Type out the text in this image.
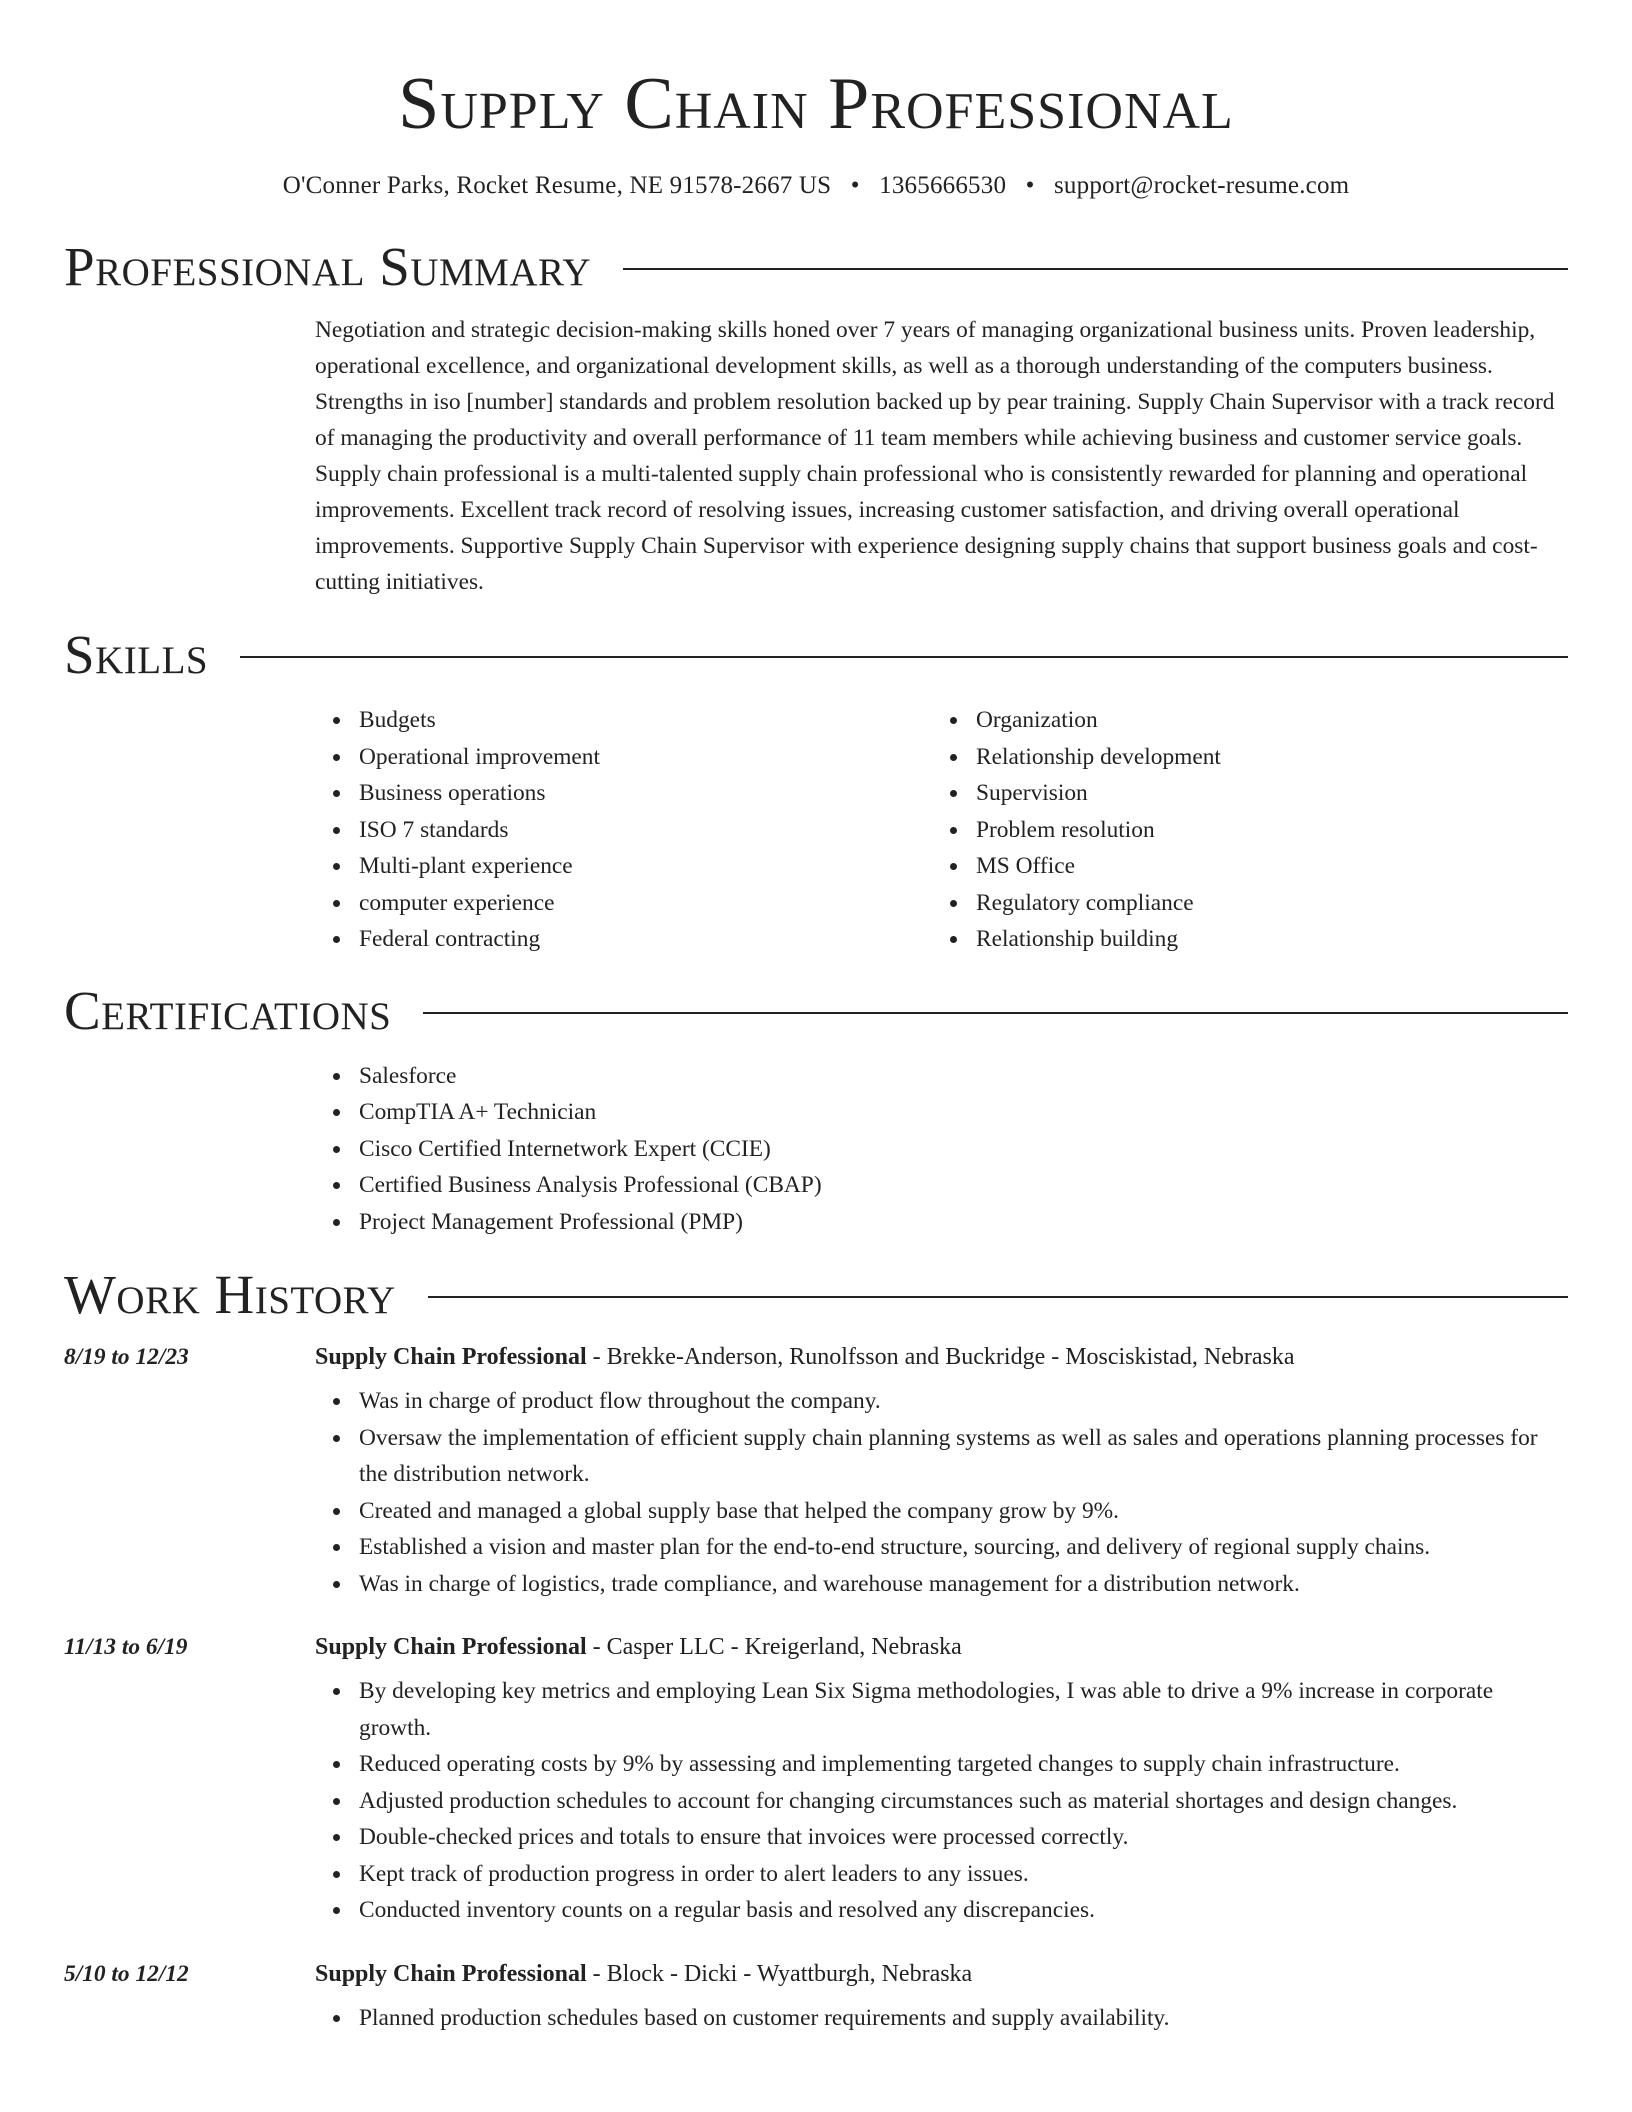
Supply Chain Professional
O'Conner Parks, Rocket Resume, NE 91578-2667 US • 1365666530 • support@rocket-resume.com
Professional Summary

Negotiation and strategic decision-making skills honed over 7 years of managing organizational business units. Proven leadership, operational excellence, and organizational development skills, as well as a thorough understanding of the computers business. Strengths in iso [number] standards and problem resolution backed up by pear training. Supply Chain Supervisor with a track record of managing the productivity and overall performance of 11 team members while achieving business and customer service goals. Supply chain professional is a multi-talented supply chain professional who is consistently rewarded for planning and operational improvements. Excellent track record of resolving issues, increasing customer satisfaction, and driving overall operational improvements. Supportive Supply Chain Supervisor with experience designing supply chains that support business goals and cost-cutting initiatives.

Skills
Budgets
Operational improvement
Business operations
ISO 7 standards
Multi-plant experience
computer experience
Federal contracting
Organization
Relationship development
Supervision
Problem resolution
MS Office
Regulatory compliance
Relationship building
Certifications
Salesforce
CompTIA A+ Technician
Cisco Certified Internetwork Expert (CCIE)
Certified Business Analysis Professional (CBAP)
Project Management Professional (PMP)
Work History
8/19 to 12/23	Supply Chain Professional - Brekke-Anderson, Runolfsson and Buckridge - Mosciskistad, Nebraska
Was in charge of product flow throughout the company.
Oversaw the implementation of efficient supply chain planning systems as well as sales and operations planning processes for the distribution network.
Created and managed a global supply base that helped the company grow by 9%.
Established a vision and master plan for the end-to-end structure, sourcing, and delivery of regional supply chains.
Was in charge of logistics, trade compliance, and warehouse management for a distribution network.
11/13 to 6/19	Supply Chain Professional - Casper LLC - Kreigerland, Nebraska
By developing key metrics and employing Lean Six Sigma methodologies, I was able to drive a 9% increase in corporate growth.
Reduced operating costs by 9% by assessing and implementing targeted changes to supply chain infrastructure.
Adjusted production schedules to account for changing circumstances such as material shortages and design changes.
Double-checked prices and totals to ensure that invoices were processed correctly.
Kept track of production progress in order to alert leaders to any issues.
Conducted inventory counts on a regular basis and resolved any discrepancies.
5/10 to 12/12	Supply Chain Professional - Block - Dicki - Wyattburgh, Nebraska
Planned production schedules based on customer requirements and supply availability.
